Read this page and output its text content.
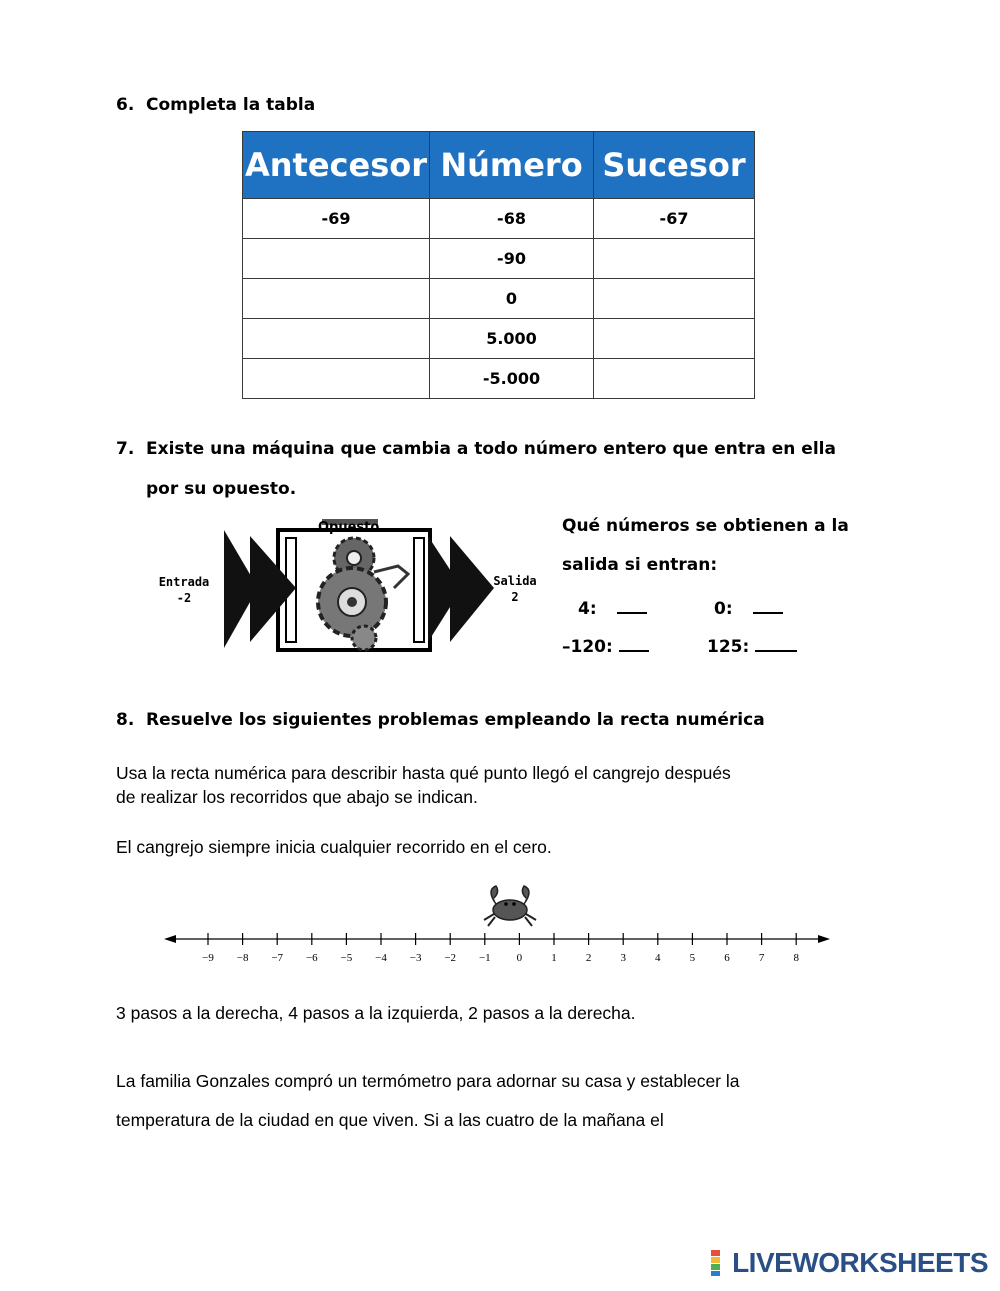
6. Completa la tabla
Antecesor	Número	Sucesor
-69	-68	-67
	-90	
	0	
	5.000	
	-5.000	
7. Existe una máquina que cambia a todo número entero que entra en ella
por su opuesto.
Opuesto
Entrada
-2
Salida
2
Qué números se obtienen a la
salida si entran:
4:	0:
–120:	125:
8. Resuelve los siguientes problemas empleando la recta numérica
Usa la recta numérica para describir hasta qué punto llegó el cangrejo después
de realizar los recorridos que abajo se indican.
El cangrejo siempre inicia cualquier recorrido en el cero.
−9 −8 −7 −6 −5 −4 −3 −2 −1 0	1	2	3	4	5	6	7	8
3 pasos a la derecha, 4 pasos a la izquierda, 2 pasos a la derecha.
La familia Gonzales compró un termómetro para adornar su casa y establecer la
temperatura de la ciudad en que viven. Si a las cuatro de la mañana el
LIVEWORKSHEETS
